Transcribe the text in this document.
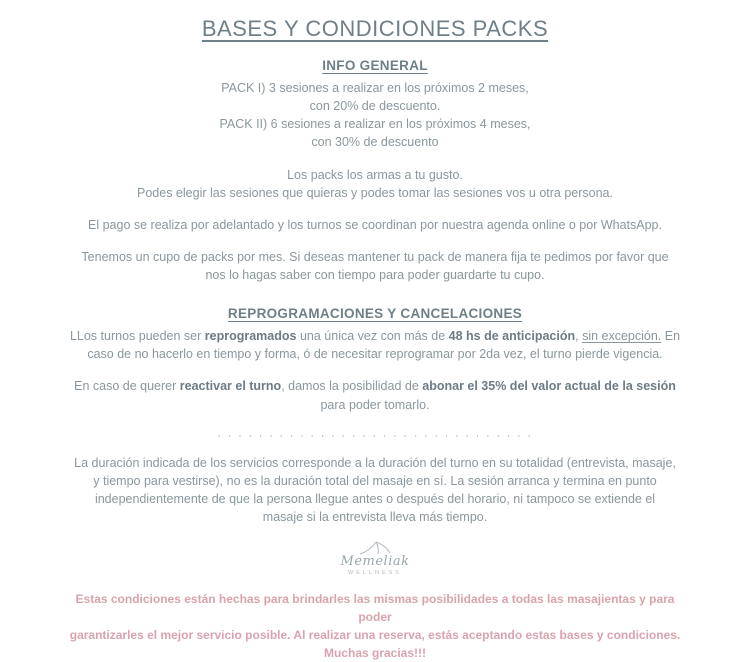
BASES Y CONDICIONES PACKS
INFO GENERAL
PACK I) 3 sesiones a realizar en los próximos 2 meses,
con 20% de descuento.
PACK II) 6 sesiones a realizar en los próximos 4 meses,
con 30% de descuento
Los packs los armas a tu gusto.
Podes elegir las sesiones que quieras y podes tomar las sesiones vos u otra persona.
El pago se realiza por adelantado y los turnos se coordinan por nuestra agenda online o por WhatsApp.
Tenemos un cupo de packs por mes. Si deseas mantener tu pack de manera fija te pedimos por favor que
nos lo hagas saber con tiempo para poder guardarte tu cupo.
REPROGRAMACIONES Y CANCELACIONES
LLos turnos pueden ser reprogramados una única vez con más de 48 hs de anticipación, sin excepción. En
caso de no hacerlo en tiempo y forma, ó de necesitar reprogramar por 2da vez, el turno pierde vigencia.
En caso de querer reactivar el turno, damos la posibilidad de abonar el 35% del valor actual de la sesión
para poder tomarlo.
· · · · · · · · · · · · · · · · · · · · · · · · · · · · · · ·
La duración indicada de los servicios corresponde a la duración del turno en su totalidad (entrevista, masaje,
y tiempo para vestirse), no es la duración total del masaje en sí. La sesión arranca y termina en punto
independientemente de que la persona llegue antes o después del horario, ni tampoco se extiende el
masaje si la entrevista lleva más tiempo.
Memeliak
WELLNESS
Estas condiciones están hechas para brindarles las mismas posibilidades a todas las masajientas y para poder
garantizarles el mejor servicio posible. Al realizar una reserva, estás aceptando estas bases y condiciones.
Muchas gracias!!!
